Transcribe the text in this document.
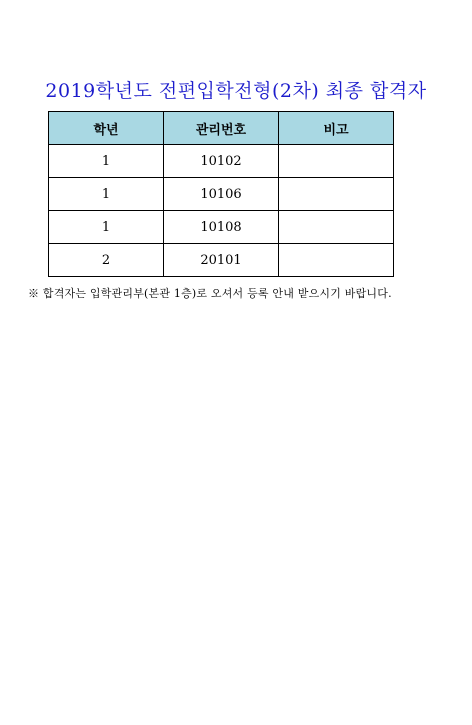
2019학년도 전편입학전형(2차) 최종 합격자
학년	관리번호	비고
1	10102	
1	10106	
1	10108	
2	20101	
※ 합격자는 입학관리부(본관 1층)로 오셔서 등록 안내 받으시기 바랍니다.
